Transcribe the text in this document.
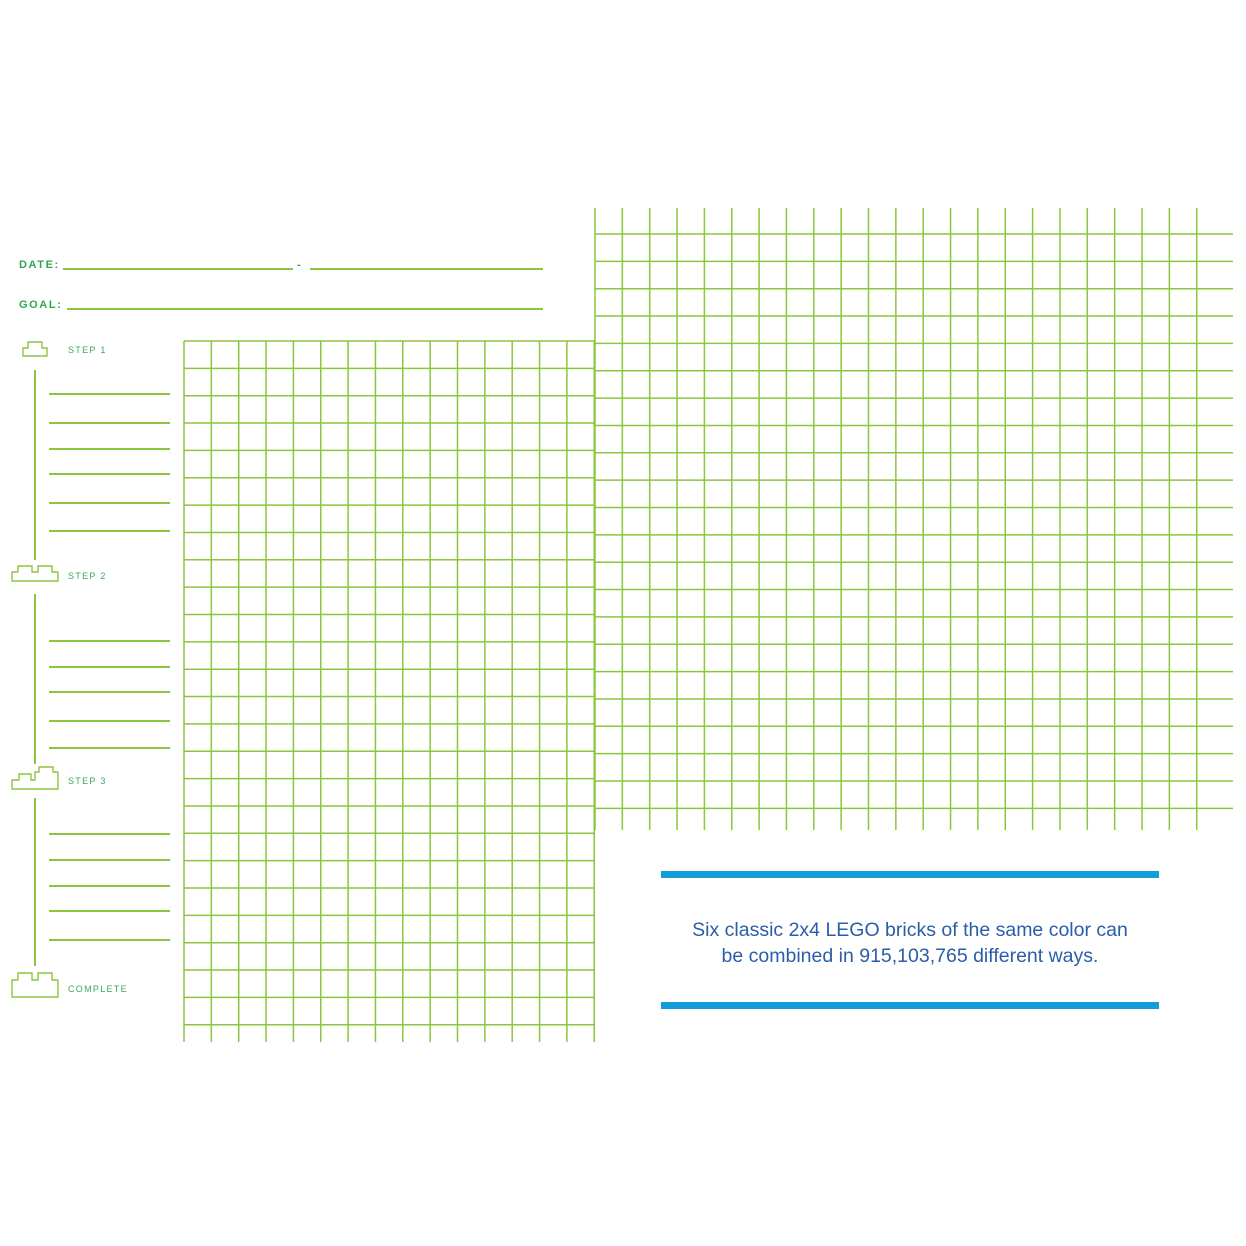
DATE:	-
GOAL:
STEP 1
STEP 2
STEP 3
COMPLETE
Six classic 2x4 LEGO bricks of the same color can
be combined in 915,103,765 different ways.
